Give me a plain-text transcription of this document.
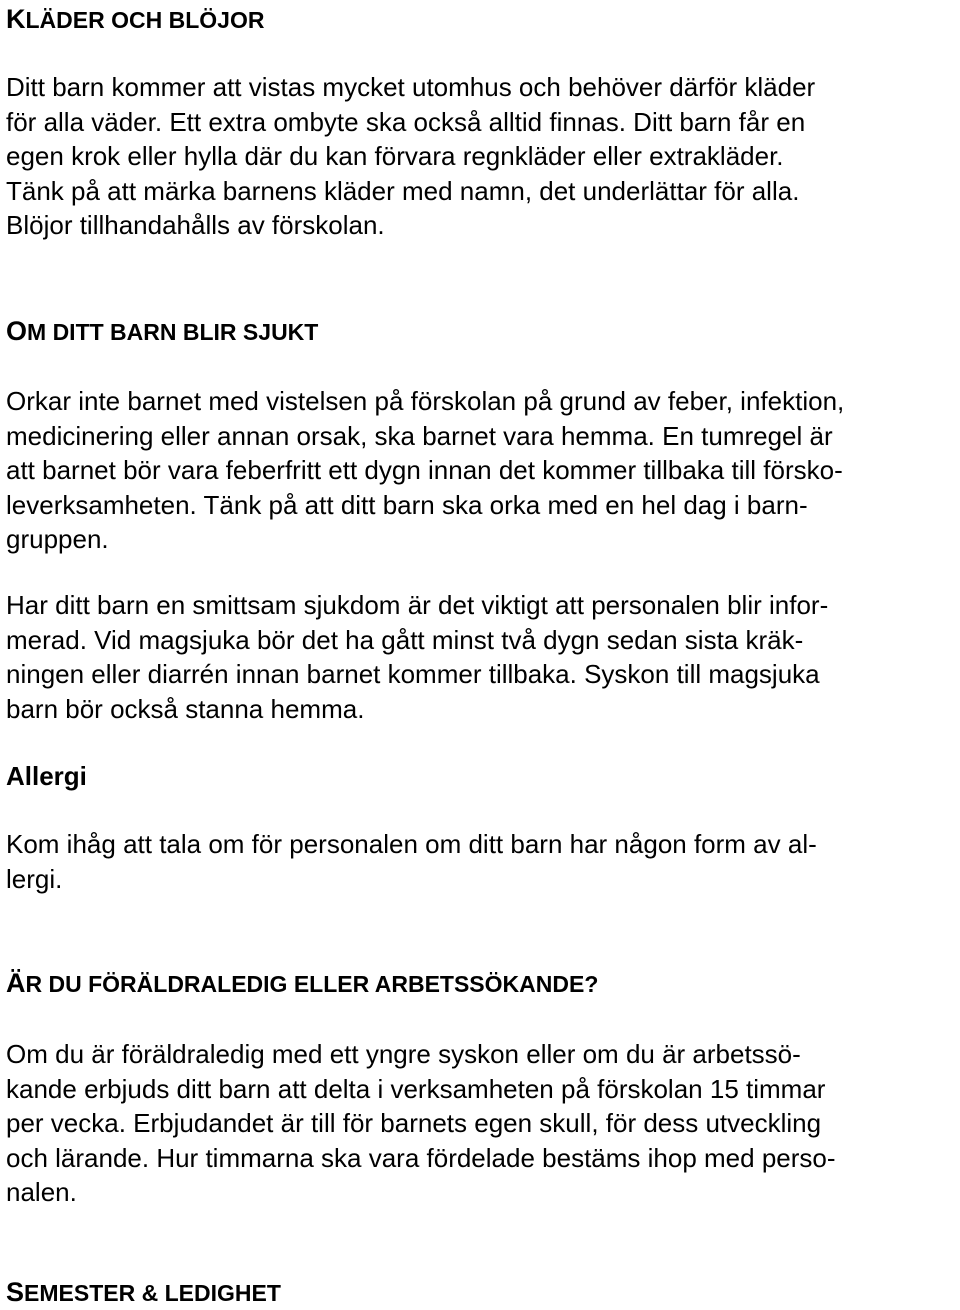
KLÄDER OCH BLÖJOR
Ditt barn kommer att vistas mycket utomhus och behöver därför kläder
för alla väder. Ett extra ombyte ska också alltid finnas. Ditt barn får en
egen krok eller hylla där du kan förvara regnkläder eller extrakläder.
Tänk på att märka barnens kläder med namn, det underlättar för alla.
Blöjor tillhandahålls av förskolan.
OM DITT BARN BLIR SJUKT
Orkar inte barnet med vistelsen på förskolan på grund av feber, infektion,
medicinering eller annan orsak, ska barnet vara hemma. En tumregel är
att barnet bör vara feberfritt ett dygn innan det kommer tillbaka till försko-
leverksamheten. Tänk på att ditt barn ska orka med en hel dag i barn-
gruppen.
Har ditt barn en smittsam sjukdom är det viktigt att personalen blir infor-
merad. Vid magsjuka bör det ha gått minst två dygn sedan sista kräk-
ningen eller diarrén innan barnet kommer tillbaka. Syskon till magsjuka
barn bör också stanna hemma.
Allergi
Kom ihåg att tala om för personalen om ditt barn har någon form av al-
lergi.
ÄR DU FÖRÄLDRALEDIG ELLER ARBETSSÖKANDE?
Om du är föräldraledig med ett yngre syskon eller om du är arbetssö-
kande erbjuds ditt barn att delta i verksamheten på förskolan 15 timmar
per vecka. Erbjudandet är till för barnets egen skull, för dess utveckling
och lärande. Hur timmarna ska vara fördelade bestäms ihop med perso-
nalen.
SEMESTER & LEDIGHET
